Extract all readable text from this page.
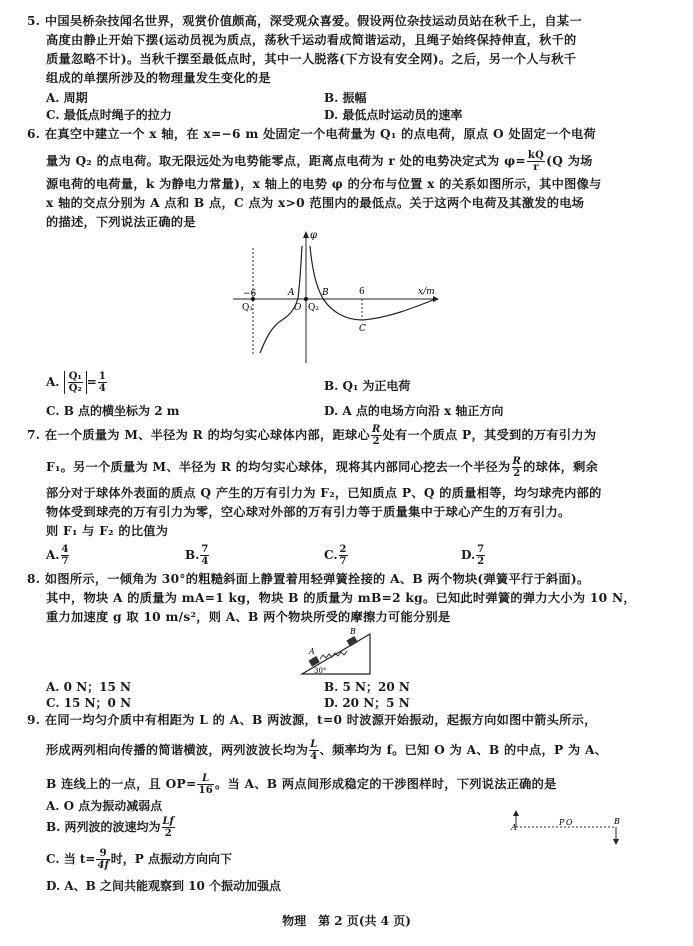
5. 中国吴桥杂技闻名世界，观赏价值颇高，深受观众喜爱。假设两位杂技运动员站在秋千上，自某一
高度由静止开始下摆(运动员视为质点，荡秋千运动看成简谐运动，且绳子始终保持伸直，秋千的
质量忽略不计)。当秋千摆至最低点时，其中一人脱落(下方设有安全网)。之后，另一个人与秋千
组成的单摆所涉及的物理量发生变化的是
A. 周期	B. 振幅
C. 最低点时绳子的拉力	D. 最低点时运动员的速率
6. 在真空中建立一个 x 轴，在 x=−6 m 处固定一个电荷量为 Q₁ 的点电荷，原点 O 处固定一个电荷
量为 Q₂ 的点电荷。取无限远处为电势能零点，距离点电荷为 r 处的电势决定式为 $\varphi= \frac{kQ}{r} (Q$ 为场
源电荷的电荷量，k 为静电力常量)，x 轴上的电势 φ 的分布与位置 x 的关系如图所示，其中图像与
x 轴的交点分别为 A 点和 B 点，C 点为 x>0 范围内的最低点。关于这两个电荷及其激发的电场
的描述，下列说法正确的是
φ
x/m
−6
Q₁
A
O Q₂
B	6
C
A. $\frac{\text{Q₁}}{\text{Q₂}} = \frac{1}{4}$	B. Q₁ 为正电荷
C. B 点的横坐标为 2 m	D. A 点的电场方向沿 x 轴正方向
7. 在一个质量为 M、半径为 R 的均匀实心球体内部，距球心 $\frac{R}{2}$ 处有一个质点 P，其受到的万有引力为
F₁。另一个质量为 M、半径为 R 的均匀实心球体，现将其内部同心挖去一个半径为 $\frac{R}{2}$ 的球体，剩余
部分对于球体外表面的质点 Q 产生的万有引力为 F₂，已知质点 P、Q 的质量相等，均匀球壳内部的
物体受到球壳的万有引力为零，空心球对外部的万有引力等于质量集中于球心产生的万有引力。
则 F₁ 与 F₂ 的比值为
A. $\frac{4}{7}$	B. $\frac{7}{4}$	C. $\frac{2}{7}$	D. $\frac{7}{2}$
8. 如图所示，一倾角为 30°的粗糙斜面上静置着用轻弹簧拴接的 A、B 两个物块(弹簧平行于斜面)。
其中，物块 A 的质量为 mA=1 kg，物块 B 的质量为 mB=2 kg。已知此时弹簧的弹力大小为 10 N，
重力加速度 g 取 10 m/s²，则 A、B 两个物块所受的摩擦力可能分别是
A
B
30°
A. 0 N；15 N	B. 5 N；20 N
C. 15 N；0 N	D. 20 N；5 N
9. 在同一均匀介质中有相距为 L 的 A、B 两波源，t=0 时波源开始振动，起振方向如图中箭头所示，
形成两列相向传播的简谐横波，两列波波长均为 $\frac{L}{4}$ 、频率均为 f。已知 O 为 A、B 的中点，P 为 A、
B 连线上的一点，且 $OP= \frac{L}{16}$ 。当 A、B 两点间形成稳定的干涉图样时，下列说法正确的是
A. O 点为振动减弱点
B. 两列波的波速均为 $\frac{Lf}{2}$
C. 当 $t= \frac{9}{4f}$ 时，P 点振动方向向下
D. A、B 之间共能观察到 10 个振动加强点
A
P O	B
物理　第 2 页(共 4 页)
